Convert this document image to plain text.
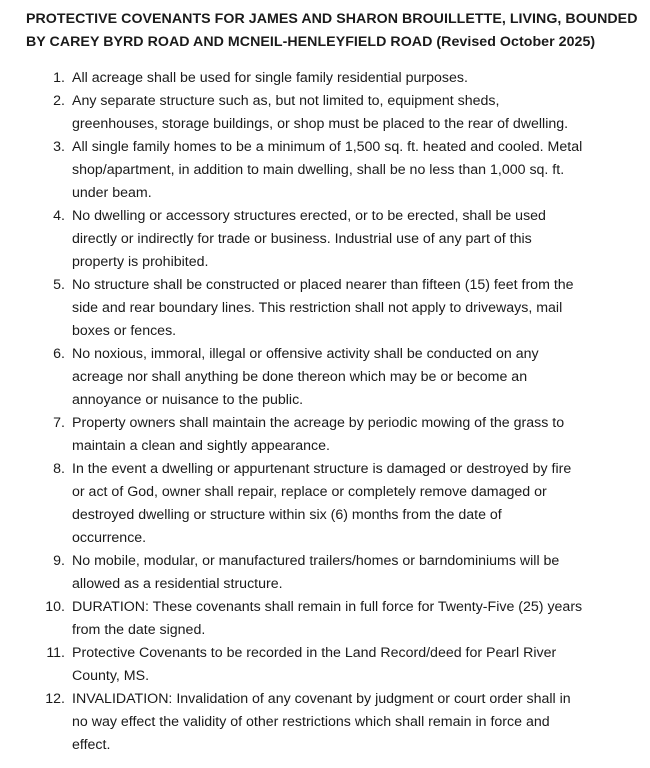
PROTECTIVE COVENANTS FOR JAMES AND SHARON BROUILLETTE, LIVING, BOUNDED
BY CAREY BYRD ROAD AND MCNEIL-HENLEYFIELD ROAD (Revised October 2025)
1. All acreage shall be used for single family residential purposes.
2. Any separate structure such as, but not limited to, equipment sheds,
greenhouses, storage buildings, or shop must be placed to the rear of dwelling.
3. All single family homes to be a minimum of 1,500 sq. ft. heated and cooled. Metal
shop/apartment, in addition to main dwelling, shall be no less than 1,000 sq. ft.
under beam.
4. No dwelling or accessory structures erected, or to be erected, shall be used
directly or indirectly for trade or business. Industrial use of any part of this
property is prohibited.
5. No structure shall be constructed or placed nearer than fifteen (15) feet from the
side and rear boundary lines. This restriction shall not apply to driveways, mail
boxes or fences.
6. No noxious, immoral, illegal or offensive activity shall be conducted on any
acreage nor shall anything be done thereon which may be or become an
annoyance or nuisance to the public.
7. Property owners shall maintain the acreage by periodic mowing of the grass to
maintain a clean and sightly appearance.
8. In the event a dwelling or appurtenant structure is damaged or destroyed by fire
or act of God, owner shall repair, replace or completely remove damaged or
destroyed dwelling or structure within six (6) months from the date of
occurrence.
9. No mobile, modular, or manufactured trailers/homes or barndominiums will be
allowed as a residential structure.
10. DURATION: These covenants shall remain in full force for Twenty-Five (25) years
from the date signed.
11. Protective Covenants to be recorded in the Land Record/deed for Pearl River
County, MS.
12. INVALIDATION: Invalidation of any covenant by judgment or court order shall in
no way effect the validity of other restrictions which shall remain in force and
effect.
